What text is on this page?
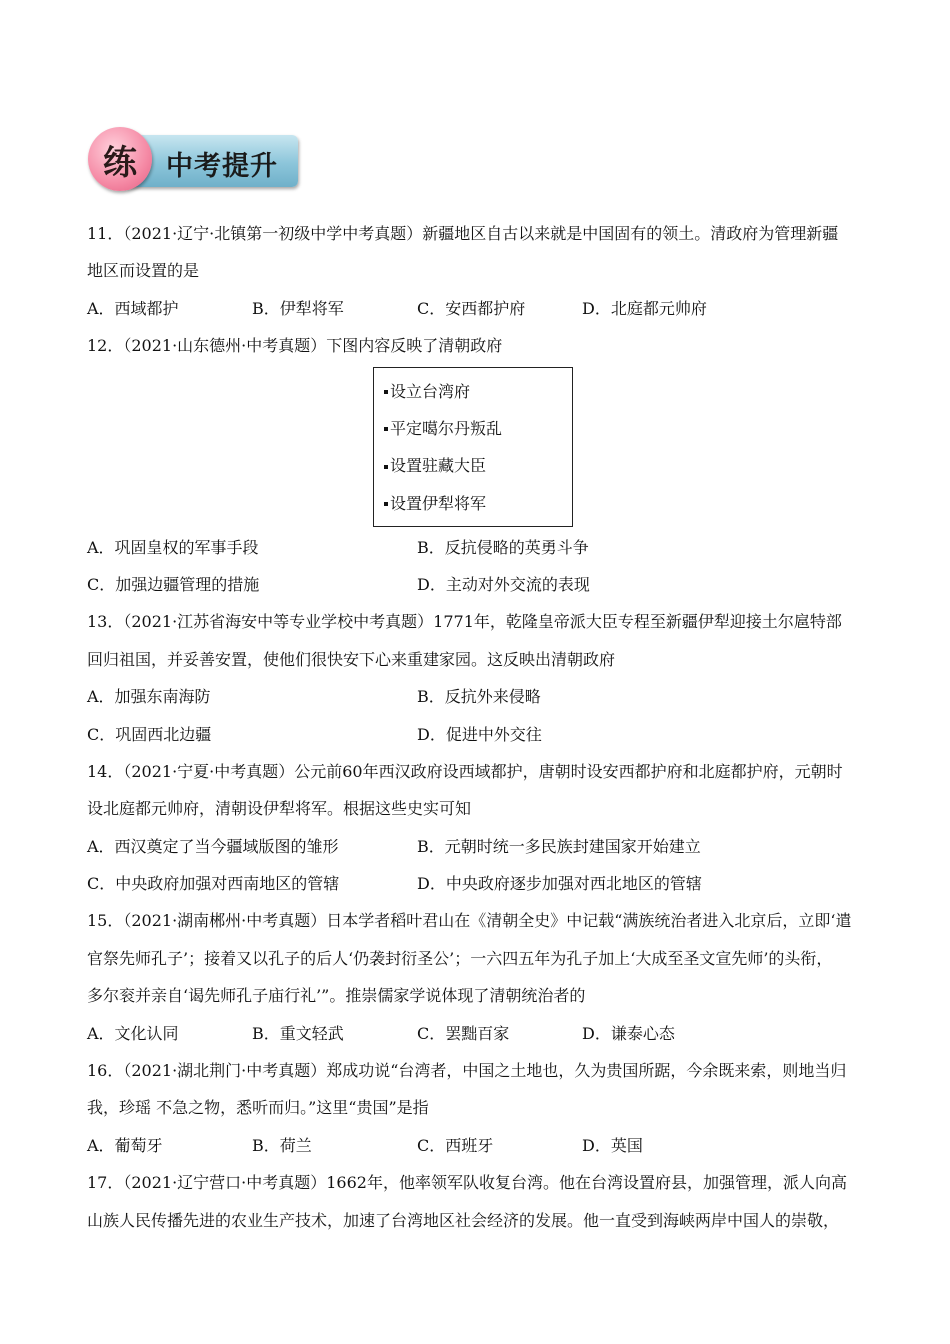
练	中考提升
11．（2021·辽宁·北镇第一初级中学中考真题）新疆地区自古以来就是中国固有的领土。清政府为管理新疆
地区而设置的是
A．西域都护	B．伊犁将军	C．安西都护府	D．北庭都元帅府
12．（2021·山东德州·中考真题）下图内容反映了清朝政府
设立台湾府
平定噶尔丹叛乱
设置驻藏大臣
设置伊犁将军
A．巩固皇权的军事手段	B．反抗侵略的英勇斗争
C．加强边疆管理的措施	D．主动对外交流的表现
13．（2021·江苏省海安中等专业学校中考真题）1771年，乾隆皇帝派大臣专程至新疆伊犁迎接土尔扈特部
回归祖国，并妥善安置，使他们很快安下心来重建家园。这反映出清朝政府
A．加强东南海防	B．反抗外来侵略
C．巩固西北边疆	D．促进中外交往
14．（2021·宁夏·中考真题）公元前60年西汉政府设西域都护，唐朝时设安西都护府和北庭都护府，元朝时
设北庭都元帅府，清朝设伊犁将军。根据这些史实可知
A．西汉奠定了当今疆域版图的雏形	B．元朝时统一多民族封建国家开始建立
C．中央政府加强对西南地区的管辖	D．中央政府逐步加强对西北地区的管辖
15．（2021·湖南郴州·中考真题）日本学者稻叶君山在《清朝全史》中记载“满族统治者进入北京后，立即‘遣
官祭先师孔子’；接着又以孔子的后人‘仍袭封衍圣公’；一六四五年为孔子加上‘大成至圣文宣先师’的头衔，
多尔衮并亲自‘谒先师孔子庙行礼’”。推崇儒家学说体现了清朝统治者的
A．文化认同	B．重文轻武	C．罢黜百家	D．谦泰心态
16．（2021·湖北荆门·中考真题）郑成功说“台湾者，中国之土地也，久为贵国所踞，今余既来索，则地当归
我，珍瑶 不急之物，悉听而归。”这里“贵国”是指
A．葡萄牙	B．荷兰	C．西班牙	D．英国
17．（2021·辽宁营口·中考真题）1662年，他率领军队收复台湾。他在台湾设置府县，加强管理，派人向高
山族人民传播先进的农业生产技术，加速了台湾地区社会经济的发展。他一直受到海峡两岸中国人的崇敬，
